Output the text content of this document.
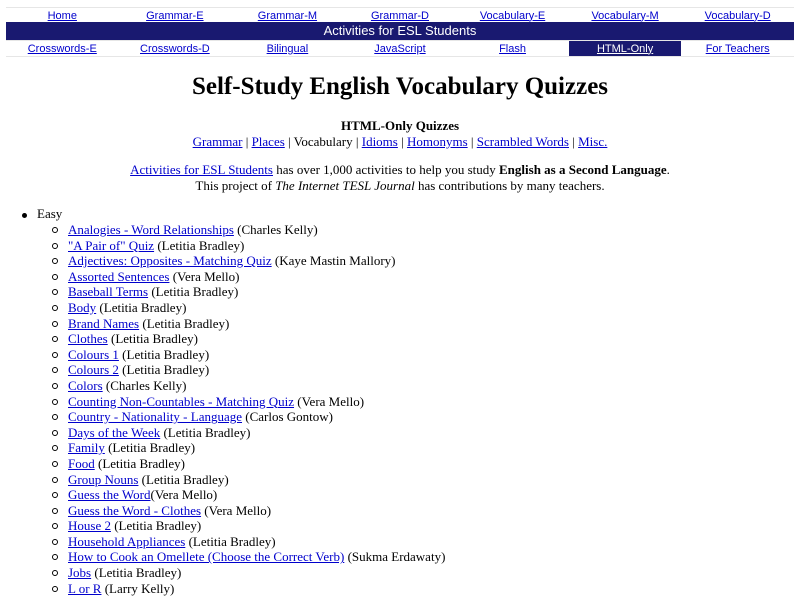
Home	Grammar-E	Grammar-M	Grammar-D	Vocabulary-E	Vocabulary-M	Vocabulary-D
Activities for ESL Students
Crosswords-E	Crosswords-D	Bilingual	JavaScript	Flash	HTML-Only	For Teachers
Self-Study English Vocabulary Quizzes
HTML-Only Quizzes
Grammar | Places | Vocabulary | Idioms | Homonyms | Scrambled Words | Misc.
Activities for ESL Students has over 1,000 activities to help you study English as a Second Language.
This project of The Internet TESL Journal has contributions by many teachers.
Easy
Analogies - Word Relationships (Charles Kelly)
"A Pair of" Quiz (Letitia Bradley)
Adjectives: Opposites - Matching Quiz (Kaye Mastin Mallory)
Assorted Sentences (Vera Mello)
Baseball Terms (Letitia Bradley)
Body (Letitia Bradley)
Brand Names (Letitia Bradley)
Clothes (Letitia Bradley)
Colours 1 (Letitia Bradley)
Colours 2 (Letitia Bradley)
Colors (Charles Kelly)
Counting Non-Countables - Matching Quiz (Vera Mello)
Country - Nationality - Language (Carlos Gontow)
Days of the Week (Letitia Bradley)
Family (Letitia Bradley)
Food (Letitia Bradley)
Group Nouns (Letitia Bradley)
Guess the Word(Vera Mello)
Guess the Word - Clothes (Vera Mello)
House 2 (Letitia Bradley)
Household Appliances (Letitia Bradley)
How to Cook an Omellete (Choose the Correct Verb) (Sukma Erdawaty)
Jobs (Letitia Bradley)
L or R (Larry Kelly)
